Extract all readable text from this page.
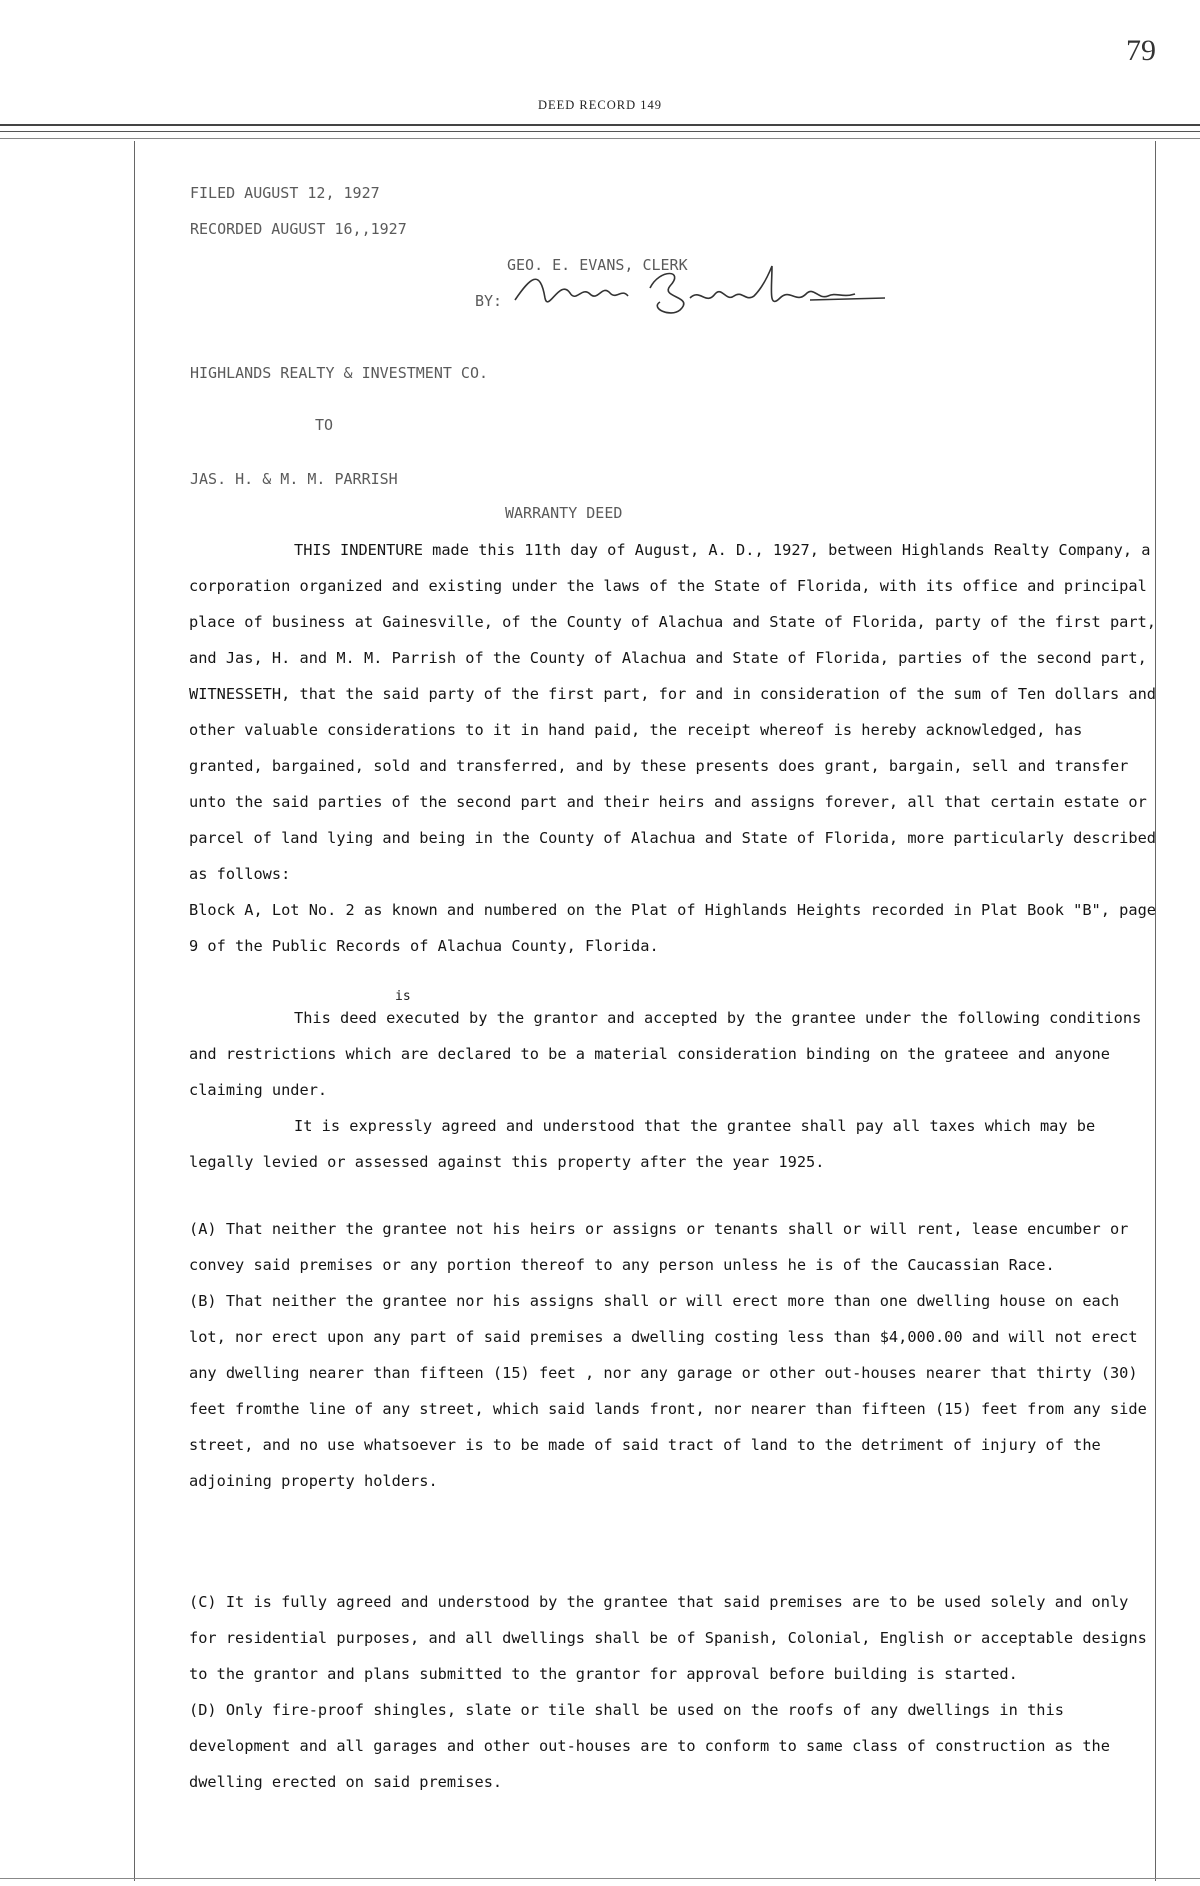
79
DEED RECORD 149
FILED AUGUST 12, 1927
RECORDED AUGUST 16,,1927
GEO. E. EVANS, CLERK
BY:
HIGHLANDS REALTY & INVESTMENT CO.
TO
JAS. H. & M. M. PARRISH
WARRANTY DEED

THIS INDENTURE made this 11th day of August, A. D., 1927, between Highlands Realty Company, a corporation organized and existing under the laws of the State of Florida, with its office and principal place of business at Gainesville, of the County of Alachua and State of Florida, party of the first part, and Jas, H. and M. M. Parrish of the County of Alachua and State of Florida, parties of the second part, WITNESSETH, that the said party of the first part, for and in consideration of the sum of Ten dollars and other valuable considerations to it in hand paid, the receipt whereof is hereby acknowledged, has granted, bargained, sold and transferred, and by these presents does grant, bargain, sell and transfer unto the said parties of the second part and their heirs and assigns forever, all that certain estate or parcel of land lying and being in the County of Alachua and State of Florida, more particularly described as follows:

Block A, Lot No. 2 as known and numbered on the Plat of Highlands Heights recorded in Plat Book "B", page 9 of the Public Records of Alachua County, Florida.

is

This deed executed by the grantor and accepted by the grantee under the following conditions and restrictions which are declared to be a material consideration binding on the grateee and anyone claiming under.

It is expressly agreed and understood that the grantee shall pay all taxes which may be legally levied or assessed against this property after the year 1925.

(A) That neither the grantee not his heirs or assigns or tenants shall or will rent, lease encumber or convey said premises or any portion thereof to any person unless he is of the Caucassian Race.

(B) That neither the grantee nor his assigns shall or will erect more than one dwelling house on each lot, nor erect upon any part of said premises a dwelling costing less than $4,000.00 and will not erect any dwelling nearer than fifteen (15) feet , nor any garage or other out-houses nearer that thirty (30) feet fromthe line of any street, which said lands front, nor nearer than fifteen (15) feet from any side street, and no use whatsoever is to be made of said tract of land to the detriment of injury of the adjoining property holders.

(C) It is fully agreed and understood by the grantee that said premises are to be used solely and only for residential purposes, and all dwellings shall be of Spanish, Colonial, English or acceptable designs to the grantor and plans submitted to the grantor for approval before building is started.

(D) Only fire-proof shingles, slate or tile shall be used on the roofs of any dwellings in this development and all garages and other out-houses are to conform to same class of construction as the dwelling erected on said premises.
